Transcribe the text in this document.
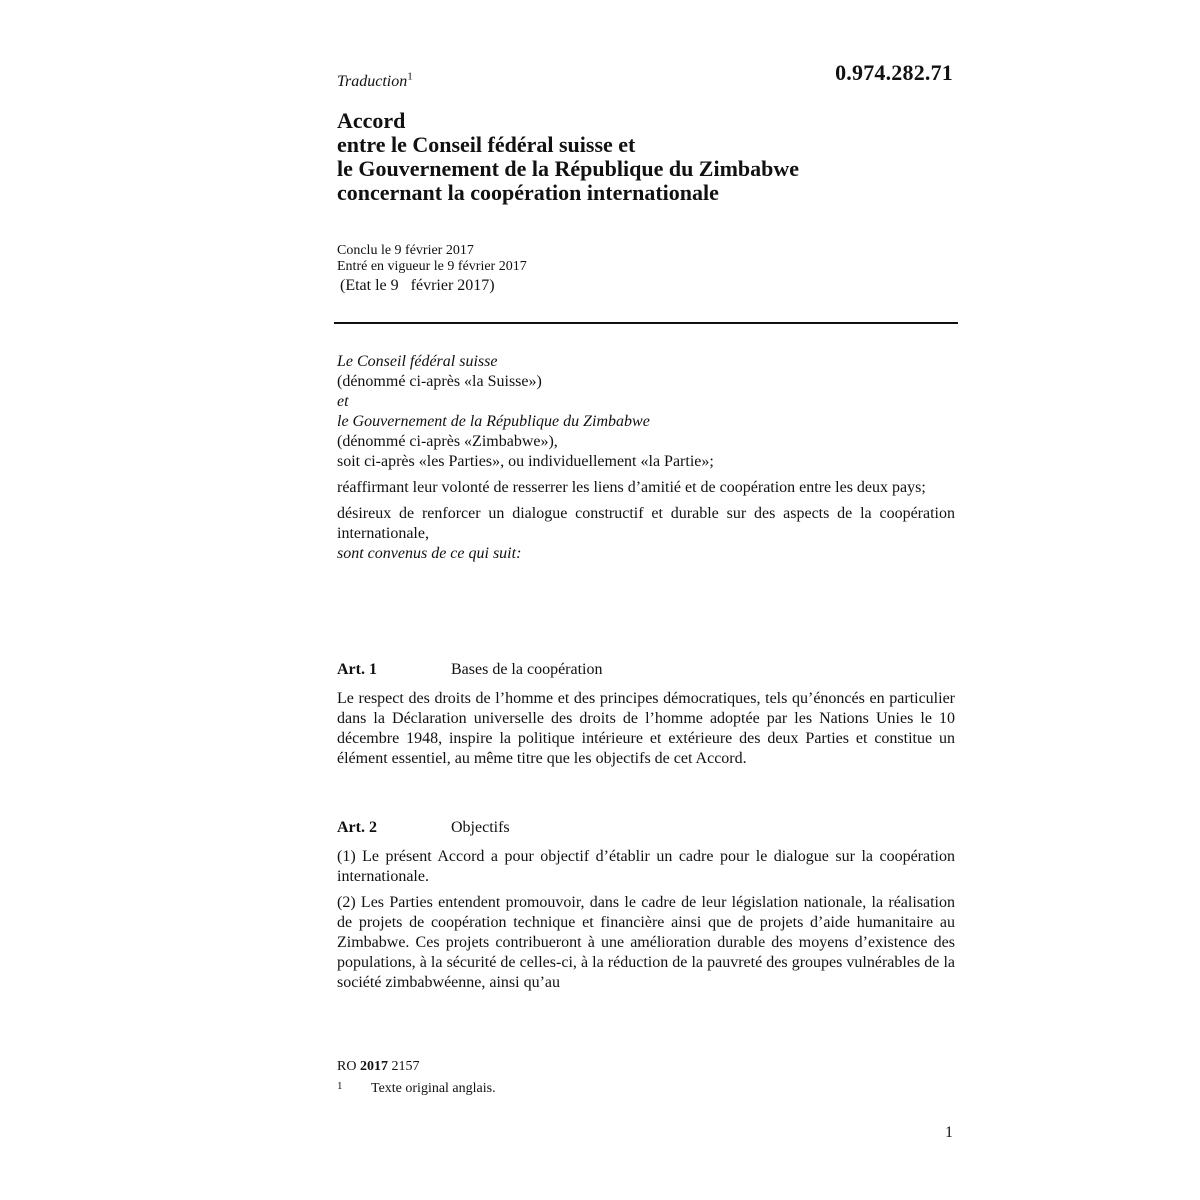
0.974.282.71
Traduction$^1$
Accord
entre le Conseil fédéral suisse et
le Gouvernement de la République du Zimbabwe
concernant la coopération internationale
Conclu le 9 février 2017
Entré en vigueur le 9 février 2017
(Etat le 9   février 2017)
Le Conseil fédéral suisse
(dénommé ci-après «la Suisse»)
et
le Gouvernement de la République du Zimbabwe
(dénommé ci-après «Zimbabwe»),
soit ci-après «les Parties», ou individuellement «la Partie»;

réaffirmant leur volonté de resserrer les liens d’amitié et de coopération entre les deux pays;

désireux de renforcer un dialogue constructif et durable sur des aspects de la coopération internationale,

sont convenus de ce qui suit:
Art. 1	Bases de la coopération

Le respect des droits de l’homme et des principes démocratiques, tels qu’énoncés en particulier dans la Déclaration universelle des droits de l’homme adoptée par les Nations Unies le 10 décembre 1948, inspire la politique intérieure et extérieure des deux Parties et constitue un élément essentiel, au même titre que les objectifs de cet Accord.

Art. 2	Objectifs

(1) Le présent Accord a pour objectif d’établir un cadre pour le dialogue sur la coopération internationale.

(2) Les Parties entendent promouvoir, dans le cadre de leur législation nationale, la réalisation de projets de coopération technique et financière ainsi que de projets d’aide humanitaire au Zimbabwe. Ces projets contribueront à une amélioration durable des moyens d’existence des populations, à la sécurité de celles-ci, à la réduction de la pauvreté des groupes vulnérables de la société zimbabwéenne, ainsi qu’au

RO 2017 2157
1 Texte original anglais.
1
